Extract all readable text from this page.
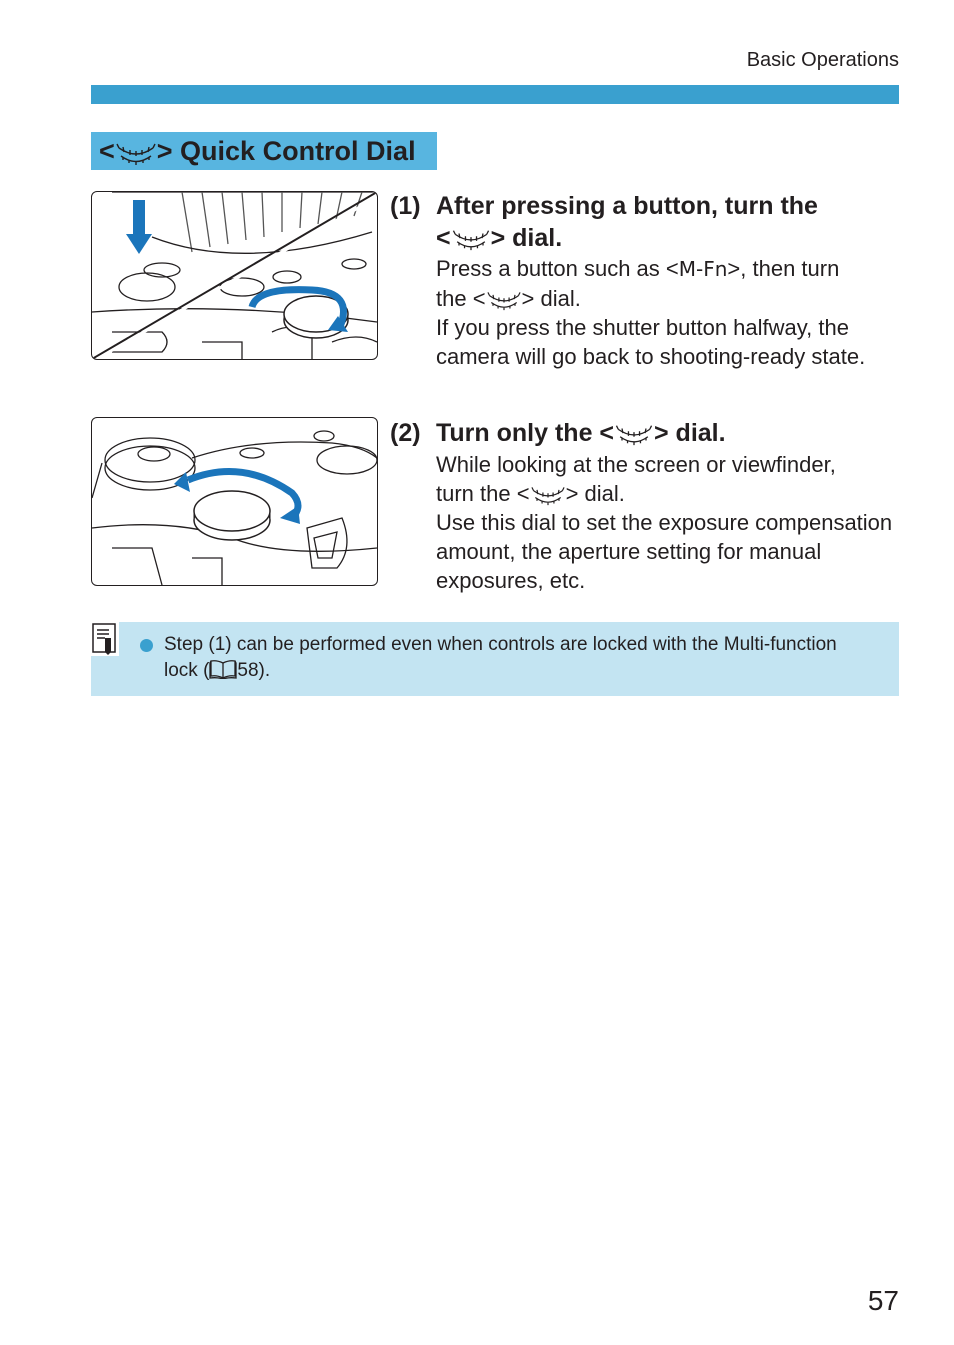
Basic Operations
< > Quick Control Dial
(1) After pressing a button, turn the
< > dial.

Press a button such as <M-Fn>, then turn

the < > dial.

If you press the shutter button halfway, the camera will go back to shooting-ready state.

(2) Turn only the < > dial.

While looking at the screen or viewfinder,

turn the < > dial.

Use this dial to set the exposure compensation amount, the aperture setting for manual exposures, etc.

Step (1) can be performed even when controls are locked with the Multi-function lock ( 58).
57
